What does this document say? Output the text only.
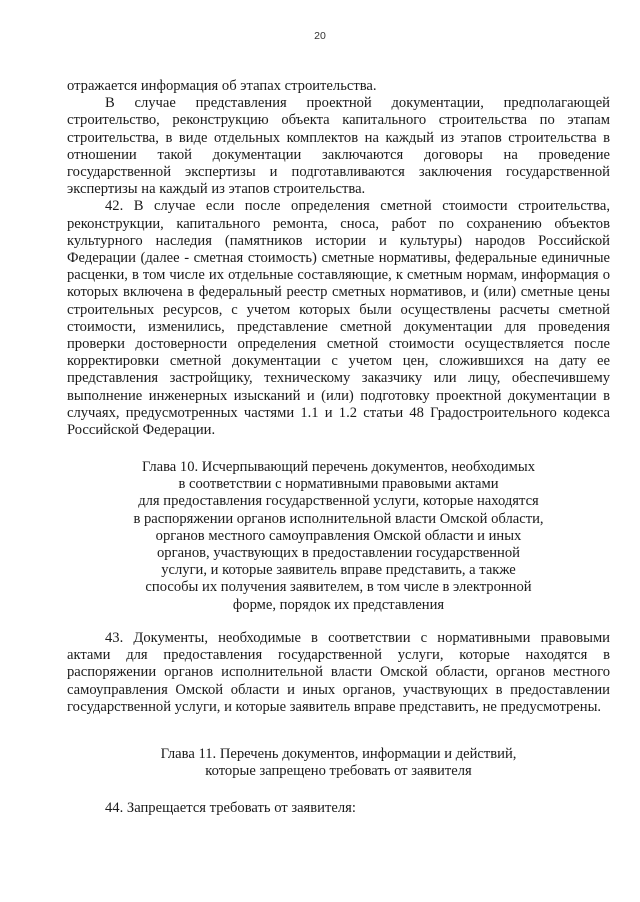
20

отражается информация об этапах строительства.

В случае представления проектной документации, предполагающей строительство, реконструкцию объекта капитального строительства по этапам строительства, в виде отдельных комплектов на каждый из этапов строительства в отношении такой документации заключаются договоры на проведение государственной экспертизы и подготавливаются заключения государственной экспертизы на каждый из этапов строительства.

42. В случае если после определения сметной стоимости строительства, реконструкции, капитального ремонта, сноса, работ по сохранению объектов культурного наследия (памятников истории и культуры) народов Российской Федерации (далее - сметная стоимость) сметные нормативы, федеральные единичные расценки, в том числе их отдельные составляющие, к сметным нормам, информация о которых включена в федеральный реестр сметных нормативов, и (или) сметные цены строительных ресурсов, с учетом которых были осуществлены расчеты сметной стоимости, изменились, представление сметной документации для проведения проверки достоверности определения сметной стоимости осуществляется после корректировки сметной документации с учетом цен, сложившихся на дату ее представления застройщику, техническому заказчику или лицу, обеспечившему выполнение инженерных изысканий и (или) подготовку проектной документации в случаях, предусмотренных частями 1.1 и 1.2 статьи 48 Градостроительного кодекса Российской Федерации.

Глава 10. Исчерпывающий перечень документов, необходимых
в соответствии с нормативными правовыми актами
для предоставления государственной услуги, которые находятся
в распоряжении органов исполнительной власти Омской области,
органов местного самоуправления Омской области и иных
органов, участвующих в предоставлении государственной
услуги, и которые заявитель вправе представить, а также
способы их получения заявителем, в том числе в электронной
форме, порядок их представления

43. Документы, необходимые в соответствии с нормативными правовыми актами для предоставления государственной услуги, которые находятся в распоряжении органов исполнительной власти Омской области, органов местного самоуправления Омской области и иных органов, участвующих в предоставлении государственной услуги, и которые заявитель вправе представить, не предусмотрены.

Глава 11. Перечень документов, информации и действий,
которые запрещено требовать от заявителя

44. Запрещается требовать от заявителя:
